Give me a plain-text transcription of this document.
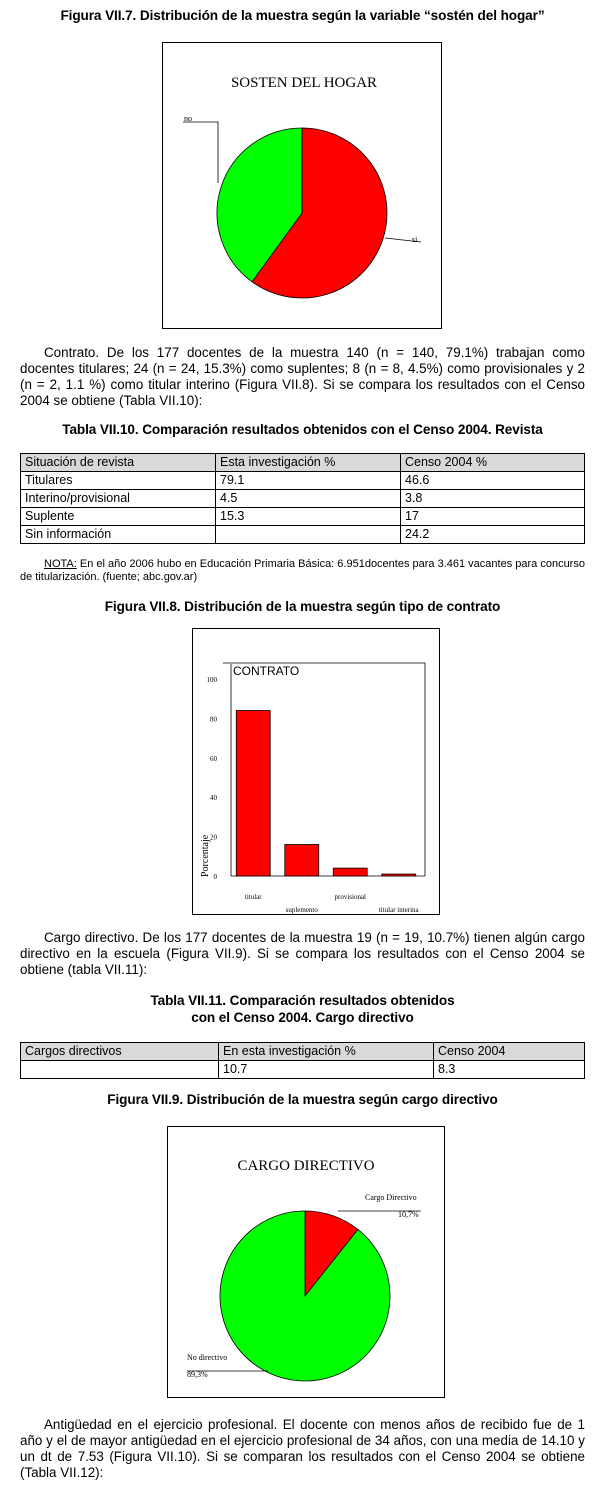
Figura VII.7. Distribución de la muestra según la variable “sostén del hogar”
SOSTEN DEL HOGAR
no
si
Contrato. De los 177 docentes de la muestra 140 (n = 140, 79.1%) trabajan como docentes titulares; 24 (n = 24, 15.3%) como suplentes; 8 (n = 8, 4.5%) como provisionales y 2 (n = 2, 1.1 %) como titular interino (Figura VII.8). Si se compara los resultados con el Censo 2004 se obtiene (Tabla VII.10):
Tabla VII.10. Comparación resultados obtenidos con el Censo 2004. Revista
Situación de revista	Esta investigación %	Censo 2004 %
Titulares	79.1	46.6
Interino/provisional	4.5	3.8
Suplente	15.3	17
Sin información		24.2
NOTA: En el año 2006 hubo en Educación Primaria Básica: 6.951docentes para 3.461 vacantes para concurso de titularización. (fuente; abc.gov.ar)
Figura VII.8. Distribución de la muestra según tipo de contrato
CONTRATO
Porcentaje 0
20
40
60
80
100
titular
suplemento
provisional
titular interina
Cargo directivo. De los 177 docentes de la muestra 19 (n = 19, 10.7%) tienen algún cargo directivo en la escuela (Figura VII.9). Si se compara los resultados con el Censo 2004 se obtiene (tabla VII.11):
Tabla VII.11. Comparación resultados obtenidos
con el Censo 2004. Cargo directivo
Cargos directivos	En esta investigación %	Censo 2004
	10.7	8.3
Figura VII.9. Distribución de la muestra según cargo directivo
CARGO DIRECTIVO
Cargo Directivo
10,7%
No directivo
89,3%
Antigüedad en el ejercicio profesional. El docente con menos años de recibido fue de 1 año y el de mayor antigüedad en el ejercicio profesional de 34 años, con una media de 14.10 y un dt de 7.53 (Figura VII.10). Si se comparan los resultados con el Censo 2004 se obtiene (Tabla VII.12):
